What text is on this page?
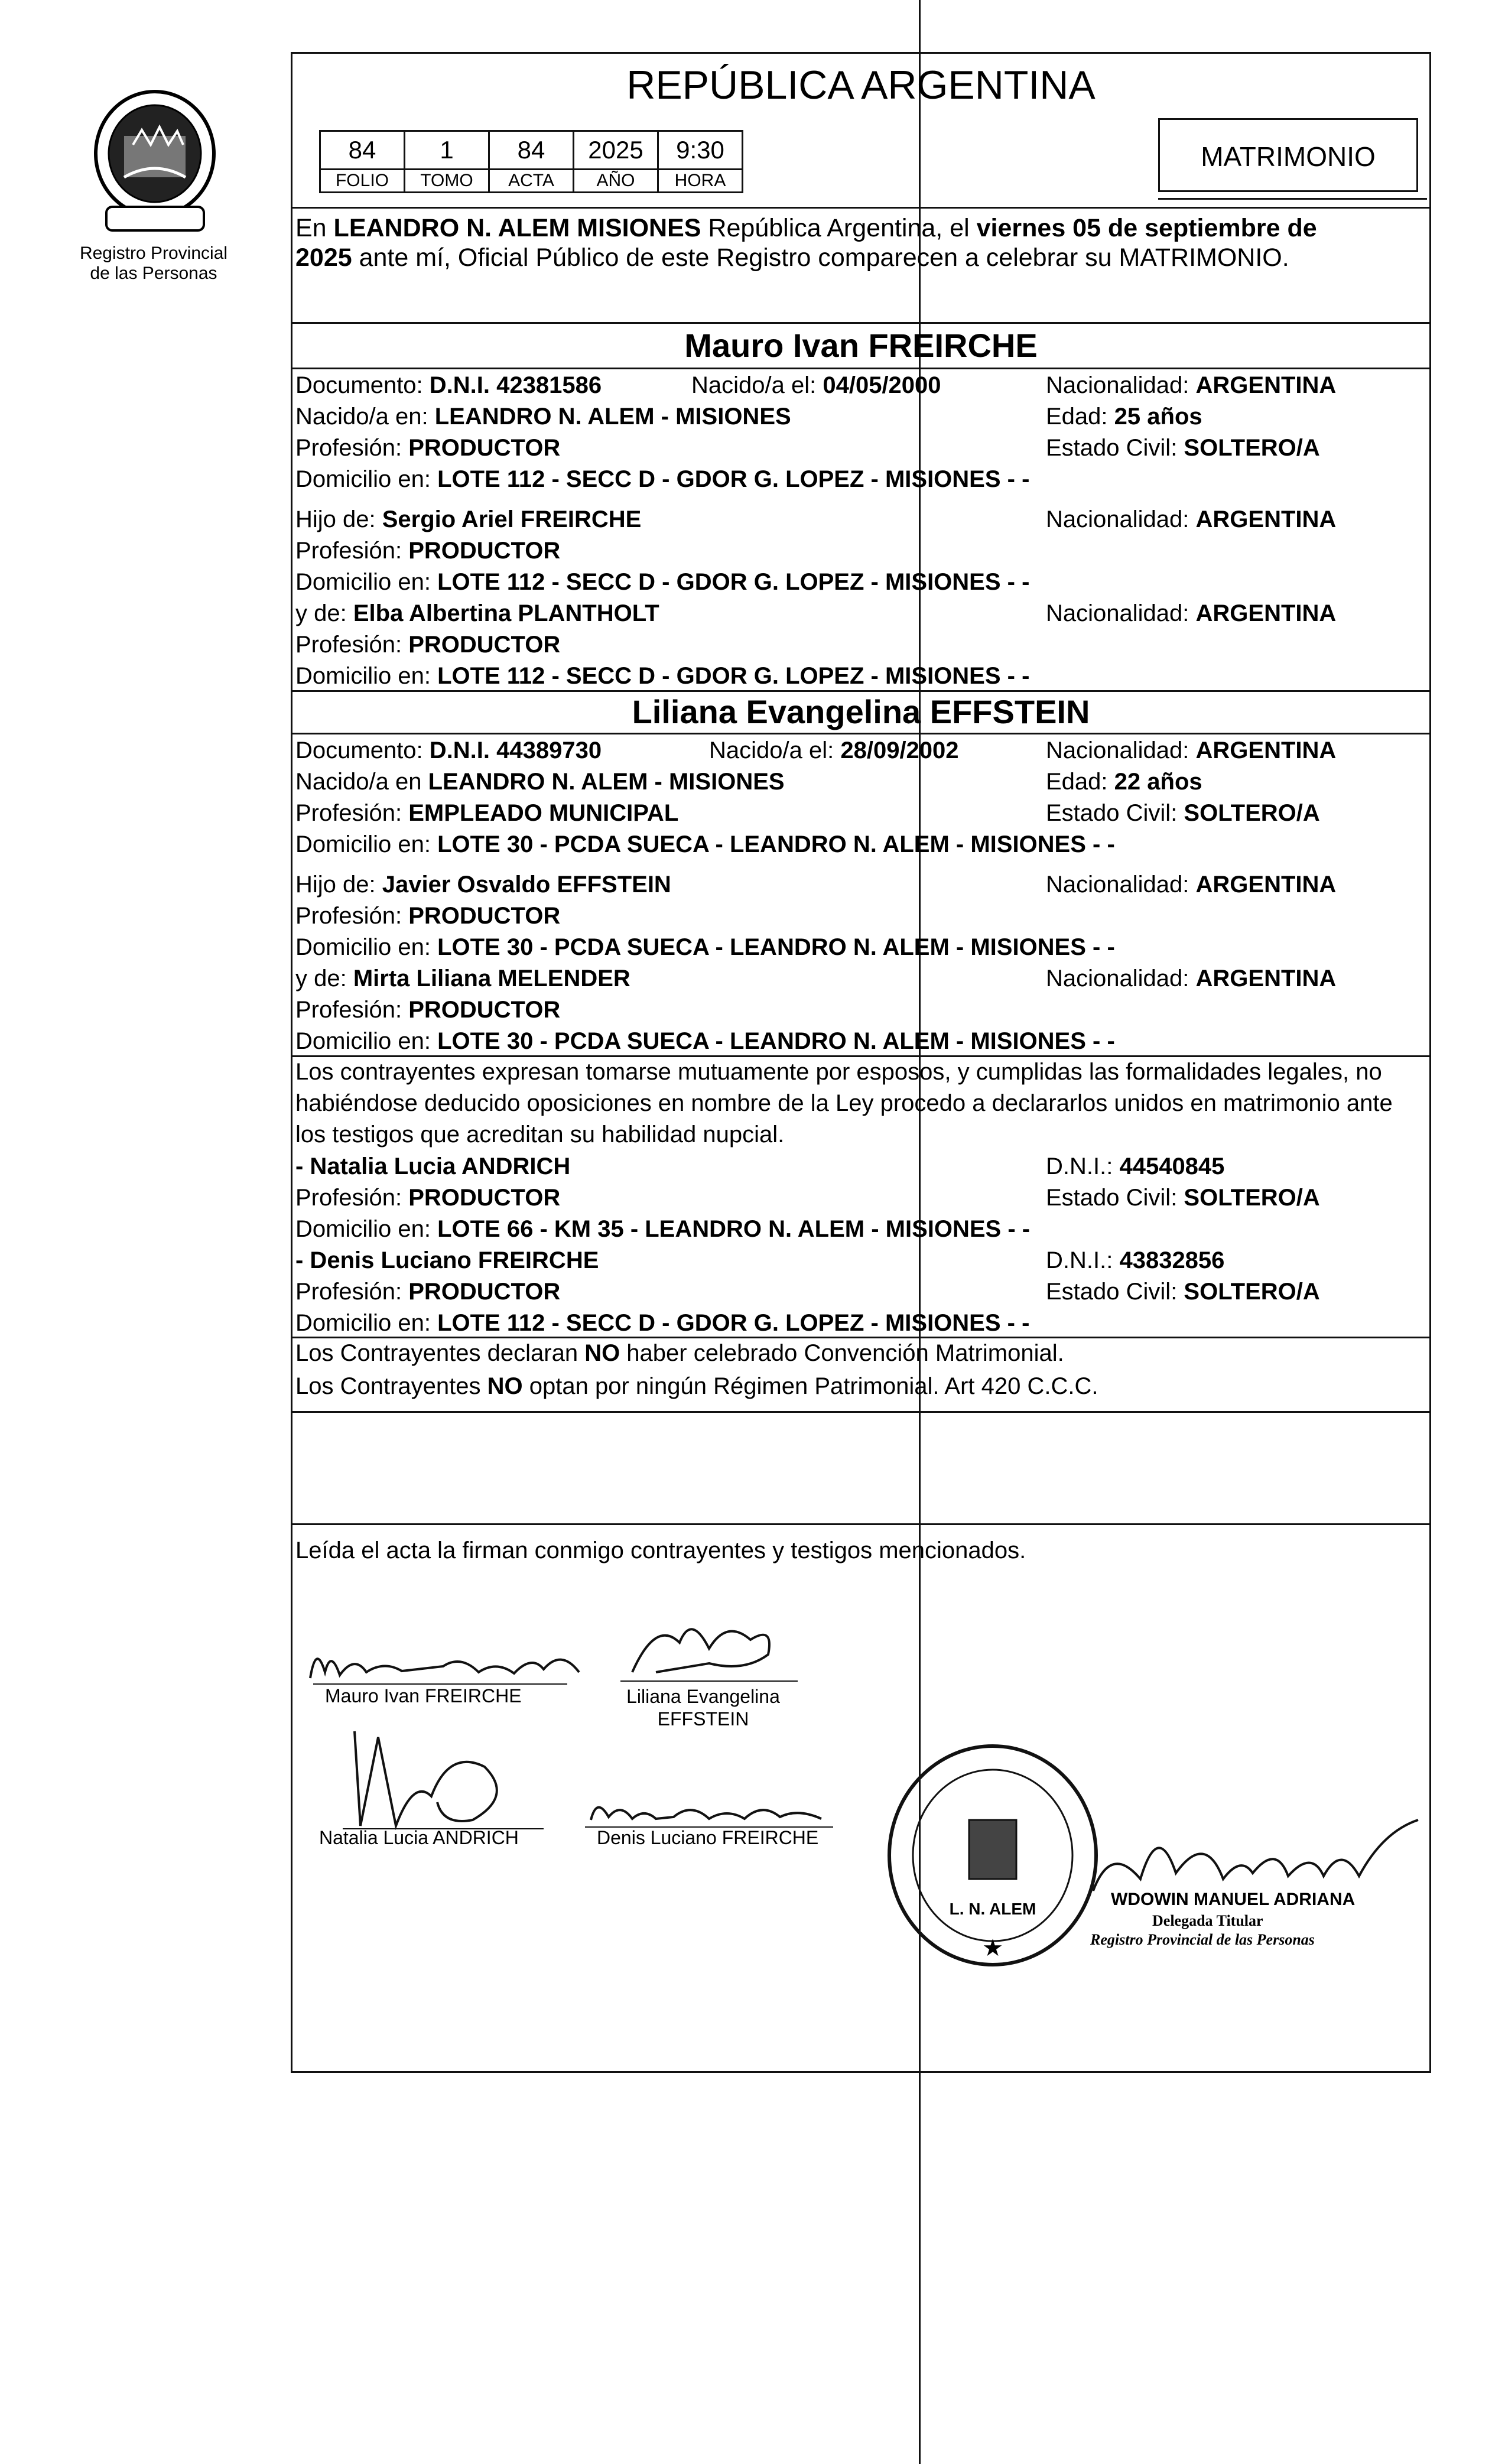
Registro Provincial
de las Personas
REPÚBLICA ARGENTINA
84	1	84	2025	9:30
FOLIO	TOMO	ACTA	AÑO	HORA
MATRIMONIO
En LEANDRO N. ALEM MISIONES República Argentina, el viernes 05 de septiembre de
2025 ante mí, Oficial Público de este Registro comparecen a celebrar su MATRIMONIO.
Mauro Ivan FREIRCHE
Documento: D.N.I. 42381586	Nacido/a el: 04/05/2000	Nacionalidad: ARGENTINA
Nacido/a en: LEANDRO N. ALEM - MISIONES	Edad: 25 años
Profesión: PRODUCTOR	Estado Civil: SOLTERO/A
Domicilio en: LOTE 112 - SECC D - GDOR G. LOPEZ - MISIONES - -
Hijo de: Sergio Ariel FREIRCHE	Nacionalidad: ARGENTINA
Profesión: PRODUCTOR
Domicilio en: LOTE 112 - SECC D - GDOR G. LOPEZ - MISIONES - -
y de: Elba Albertina PLANTHOLT	Nacionalidad: ARGENTINA
Profesión: PRODUCTOR
Domicilio en: LOTE 112 - SECC D - GDOR G. LOPEZ - MISIONES - -
Liliana Evangelina EFFSTEIN
Documento: D.N.I. 44389730	Nacido/a el: 28/09/2002	Nacionalidad: ARGENTINA
Nacido/a en LEANDRO N. ALEM - MISIONES	Edad: 22 años
Profesión: EMPLEADO MUNICIPAL	Estado Civil: SOLTERO/A
Domicilio en: LOTE 30 - PCDA SUECA - LEANDRO N. ALEM - MISIONES - -
Hijo de: Javier Osvaldo EFFSTEIN	Nacionalidad: ARGENTINA
Profesión: PRODUCTOR
Domicilio en: LOTE 30 - PCDA SUECA - LEANDRO N. ALEM - MISIONES - -
y de: Mirta Liliana MELENDER	Nacionalidad: ARGENTINA
Profesión: PRODUCTOR
Domicilio en: LOTE 30 - PCDA SUECA - LEANDRO N. ALEM - MISIONES - -
Los contrayentes expresan tomarse mutuamente por esposos, y cumplidas las formalidades legales, no
habiéndose deducido oposiciones en nombre de la Ley procedo a declararlos unidos en matrimonio ante
los testigos que acreditan su habilidad nupcial.
- Natalia Lucia ANDRICH	D.N.I.: 44540845
Profesión: PRODUCTOR	Estado Civil: SOLTERO/A
Domicilio en: LOTE 66 - KM 35 - LEANDRO N. ALEM - MISIONES - -
- Denis Luciano FREIRCHE	D.N.I.: 43832856
Profesión: PRODUCTOR	Estado Civil: SOLTERO/A
Domicilio en: LOTE 112 - SECC D - GDOR G. LOPEZ - MISIONES - -
Los Contrayentes declaran NO haber celebrado Convención Matrimonial.
Los Contrayentes NO optan por ningún Régimen Patrimonial. Art 420 C.C.C.
Leída el acta la firman conmigo contrayentes y testigos mencionados.
Mauro Ivan FREIRCHE	Liliana Evangelina
EFFSTEIN
Natalia Lucia ANDRICH	Denis Luciano FREIRCHE
L. N. ALEM
★
WDOWIN MANUEL ADRIANA
Delegada Titular
Registro Provincial de las Personas
